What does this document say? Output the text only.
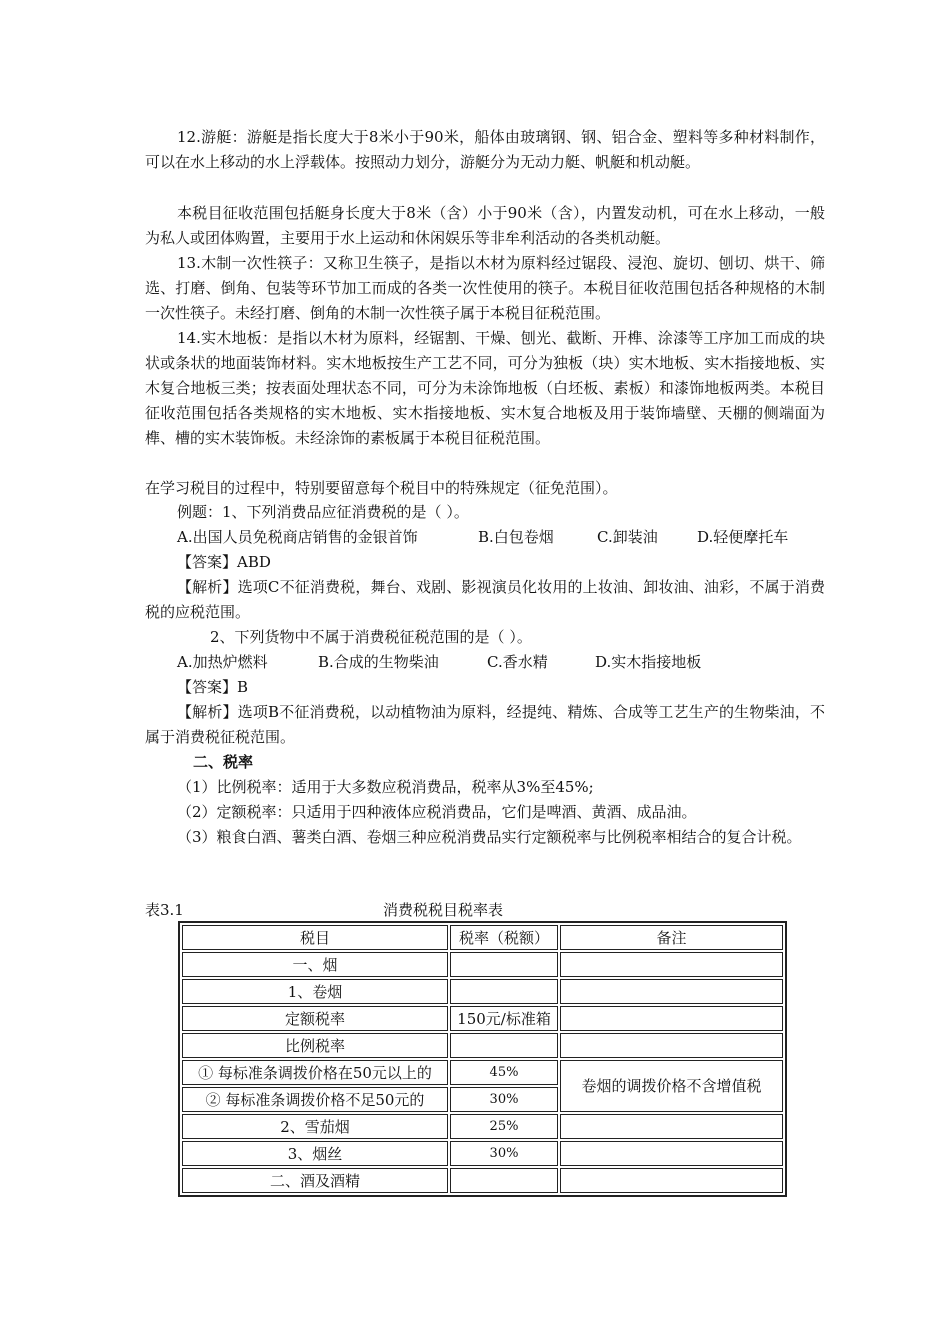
12.游艇：游艇是指长度大于8米小于90米，船体由玻璃钢、钢、铝合金、塑料等多种材料制作，可以在水上移动的水上浮载体。按照动力划分，游艇分为无动力艇、帆艇和机动艇。

本税目征收范围包括艇身长度大于8米（含）小于90米（含），内置发动机，可在水上移动，一般为私人或团体购置，主要用于水上运动和休闲娱乐等非牟利活动的各类机动艇。

13.木制一次性筷子：又称卫生筷子，是指以木材为原料经过锯段、浸泡、旋切、刨切、烘干、筛选、打磨、倒角、包装等环节加工而成的各类一次性使用的筷子。本税目征收范围包括各种规格的木制一次性筷子。未经打磨、倒角的木制一次性筷子属于本税目征税范围。

14.实木地板：是指以木材为原料，经锯割、干燥、刨光、截断、开榫、涂漆等工序加工而成的块状或条状的地面装饰材料。实木地板按生产工艺不同，可分为独板（块）实木地板、实木指接地板、实木复合地板三类；按表面处理状态不同，可分为未涂饰地板（白坯板、素板）和漆饰地板两类。本税目征收范围包括各类规格的实木地板、实木指接地板、实木复合地板及用于装饰墙壁、天棚的侧端面为榫、槽的实木装饰板。未经涂饰的素板属于本税目征税范围。

在学习税目的过程中，特别要留意每个税目中的特殊规定（征免范围）。

例题：1、下列消费品应征消费税的是（ ）。

A.出国人员免税商店销售的金银首饰	B.白包卷烟	C.卸装油	D.轻便摩托车
【答案】ABD

【解析】选项C不征消费税，舞台、戏剧、影视演员化妆用的上妆油、卸妆油、油彩，不属于消费税的应税范围。

2、下列货物中不属于消费税征税范围的是（ ）。
A.加热炉燃料	B.合成的生物柴油	C.香水精	D.实木指接地板
【答案】B

【解析】选项B不征消费税，以动植物油为原料，经提纯、精炼、合成等工艺生产的生物柴油，不属于消费税征税范围。

二、税率
（1）比例税率：适用于大多数应税消费品，税率从3%至45%;
（2）定额税率：只适用于四种液体应税消费品，它们是啤酒、黄酒、成品油。

（3）粮食白酒、薯类白酒、卷烟三种应税消费品实行定额税率与比例税率相结合的复合计税。

表3.1	消费税税目税率表
税目	税率（税额）	备注
一、烟		
1、卷烟		
定额税率	150元/标准箱	
比例税率		
① 每标准条调拨价格在50元以上的	45%	卷烟的调拨价格不含增值税
② 每标准条调拨价格不足50元的	30%	
2、雪茄烟	25%	
3、烟丝	30%	
二、酒及酒精		
